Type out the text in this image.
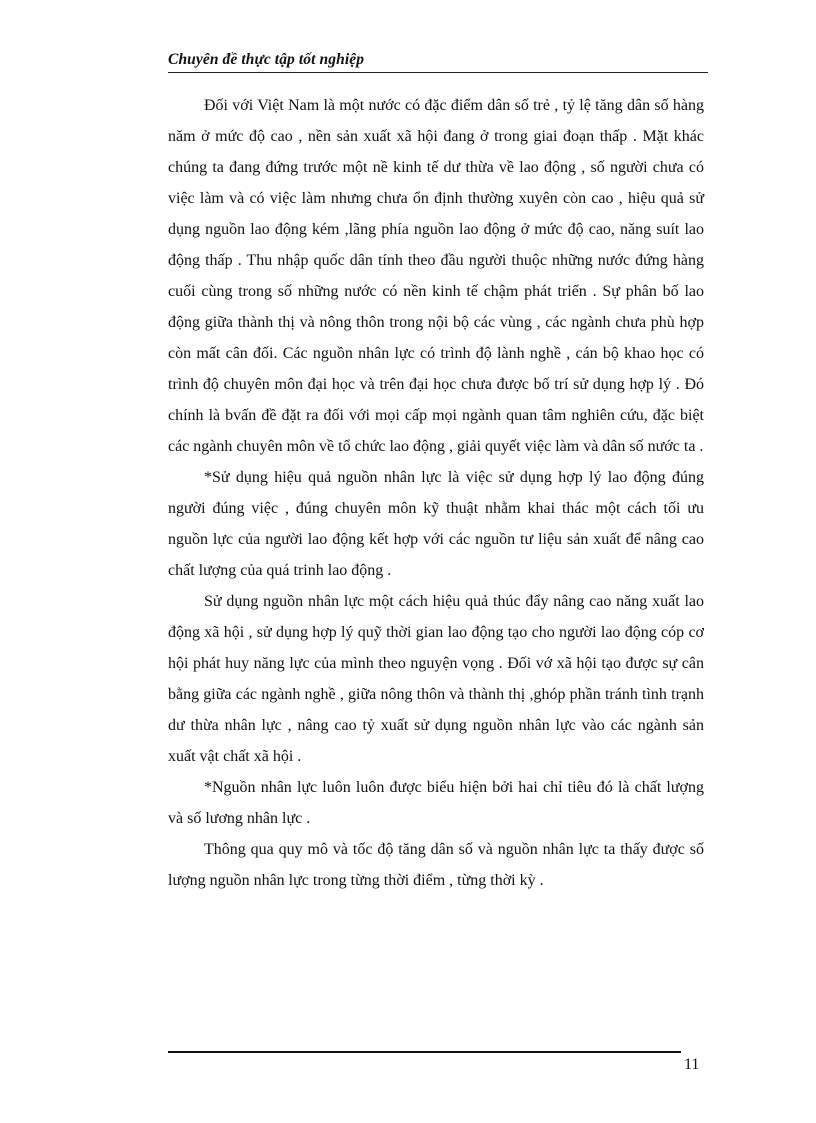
Chuyên đề thực tập tốt nghiệp

Đối với Việt Nam là một nước có đặc điểm dân số trẻ , tỷ lệ tăng dân số hàng năm ở mức độ cao , nền sản xuất xã hội đang ở trong giai đoạn thấp . Mặt khác chúng ta đang đứng trước một nề kinh tế dư thừa về lao động , số người chưa có việc làm và có việc làm nhưng chưa ổn định thường xuyên còn cao , hiệu quả sử dụng nguồn lao động kém ,lãng phía nguồn lao động ở mức độ cao, năng suít lao động thấp . Thu nhập quốc dân tính theo đầu người thuộc những nước đứng hàng cuối cùng trong số những nước có nền kinh tế chậm phát triển . Sự phân bố lao động giữa thành thị và nông thôn trong nội bộ các vùng , các ngành chưa phù hợp còn mất cân đối. Các nguồn nhân lực có trình độ lành nghề , cán bộ khao học có trình độ chuyên môn đại học và trên đại học chưa được bố trí sử dụng hợp lý . Đó chính là bvấn đề đặt ra đối với mọi cấp mọi ngành quan tâm nghiên cứu, đặc biệt các ngành chuyên môn về tổ chức lao động , giải quyết việc làm và dân số nước ta .

*Sử dụng hiệu quả nguồn nhân lực là việc sử dụng hợp lý lao động đúng người đúng việc , đúng chuyên môn kỹ thuật nhằm khai thác một cách tối ưu nguồn lực của người lao động kết hợp với các nguồn tư liệu sản xuất để nâng cao chất lượng của quá trinh lao động .

Sử dụng nguồn nhân lực một cách hiệu quả thúc đẩy nâng cao năng xuất lao động xã hội , sử dụng hợp lý quỹ thời gian lao động tạo cho người lao động cóp cơ hội phát huy năng lực của mình theo nguyện vọng . Đối vớ xã hội tạo được sự cân bằng giữa các ngành nghề , giữa nông thôn và thành thị ,ghóp phần tránh tình trạnh dư thừa nhân lực , nâng cao tỷ xuất sử dụng nguồn nhân lực vào các ngành sản xuất vật chất xã hội .

*Nguồn nhân lực luôn luôn được biểu hiện bởi hai chỉ tiêu đó là chất lượng và số lương nhân lực .

Thông qua quy mô và tốc độ tăng dân số và nguồn nhân lực ta thấy được số lượng nguồn nhân lực trong từng thời điểm , từng thời kỳ .

11
